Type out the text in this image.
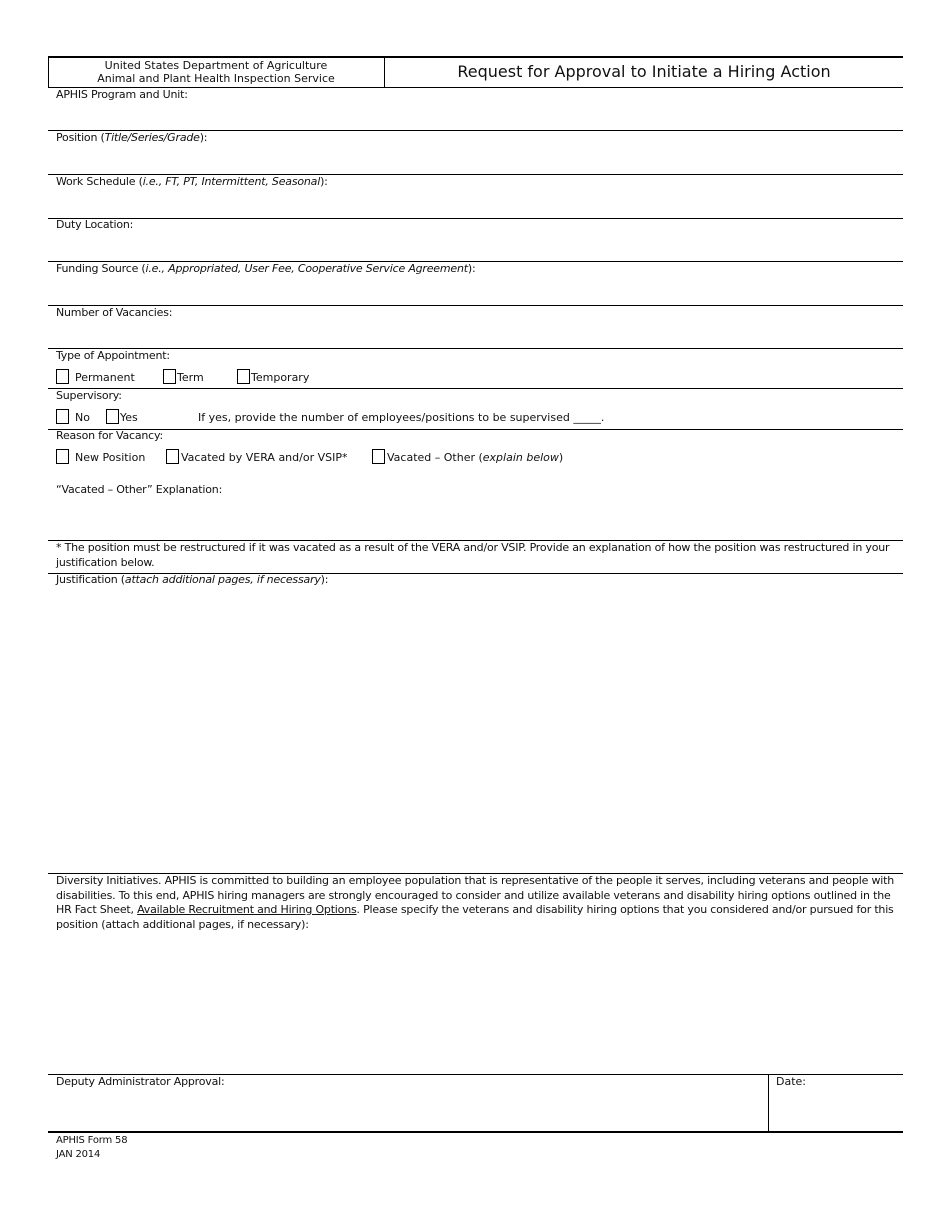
United States Department of Agriculture
Animal and Plant Health Inspection Service	Request for Approval to Initiate a Hiring Action
APHIS Program and Unit:
Position (Title/Series/Grade):
Work Schedule (i.e., FT, PT, Intermittent, Seasonal):
Duty Location:
Funding Source (i.e., Appropriated, User Fee, Cooperative Service Agreement):
Number of Vacancies:
Type of Appointment:
Permanent	Term	Temporary
Supervisory:
No	Yes	If yes, provide the number of employees/positions to be supervised _____.
Reason for Vacancy:
New Position	Vacated by VERA and/or VSIP*	Vacated – Other (explain below)
“Vacated – Other” Explanation:
* The position must be restructured if it was vacated as a result of the VERA and/or VSIP. Provide an explanation of how the position was restructured in your justification below.
Justification (attach additional pages, if necessary):
Diversity Initiatives. APHIS is committed to building an employee population that is representative of the people it serves, including veterans and people with disabilities. To this end, APHIS hiring managers are strongly encouraged to consider and utilize available veterans and disability hiring options outlined in the HR Fact Sheet, Available Recruitment and Hiring Options. Please specify the veterans and disability hiring options that you considered and/or pursued for this position (attach additional pages, if necessary):
Deputy Administrator Approval:	Date:
APHIS Form 58
JAN 2014
